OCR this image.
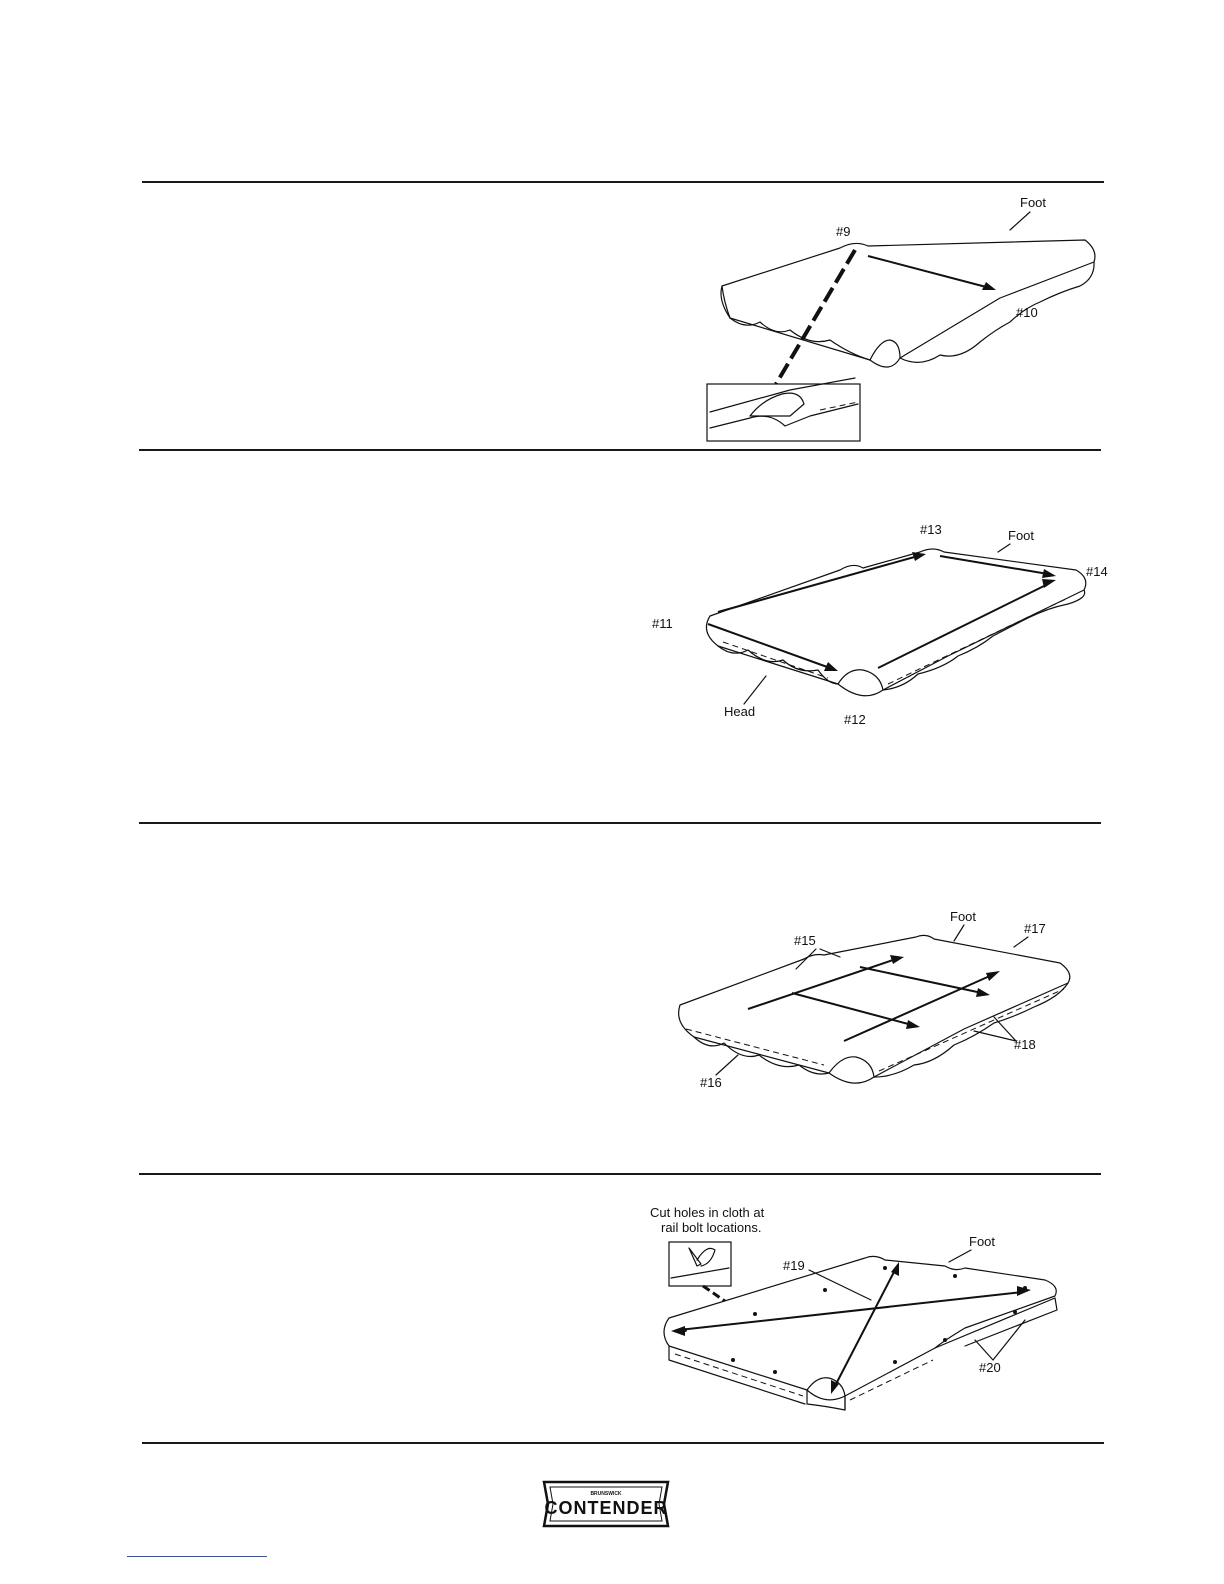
Foot
#9
#10
#13	Foot
#14
#11
Head
#12
Foot
#17
#15
#16
#18
Cut holes in cloth at
rail bolt locations.
Foot
#19
#20
BRUNSWICK
CONTENDER
